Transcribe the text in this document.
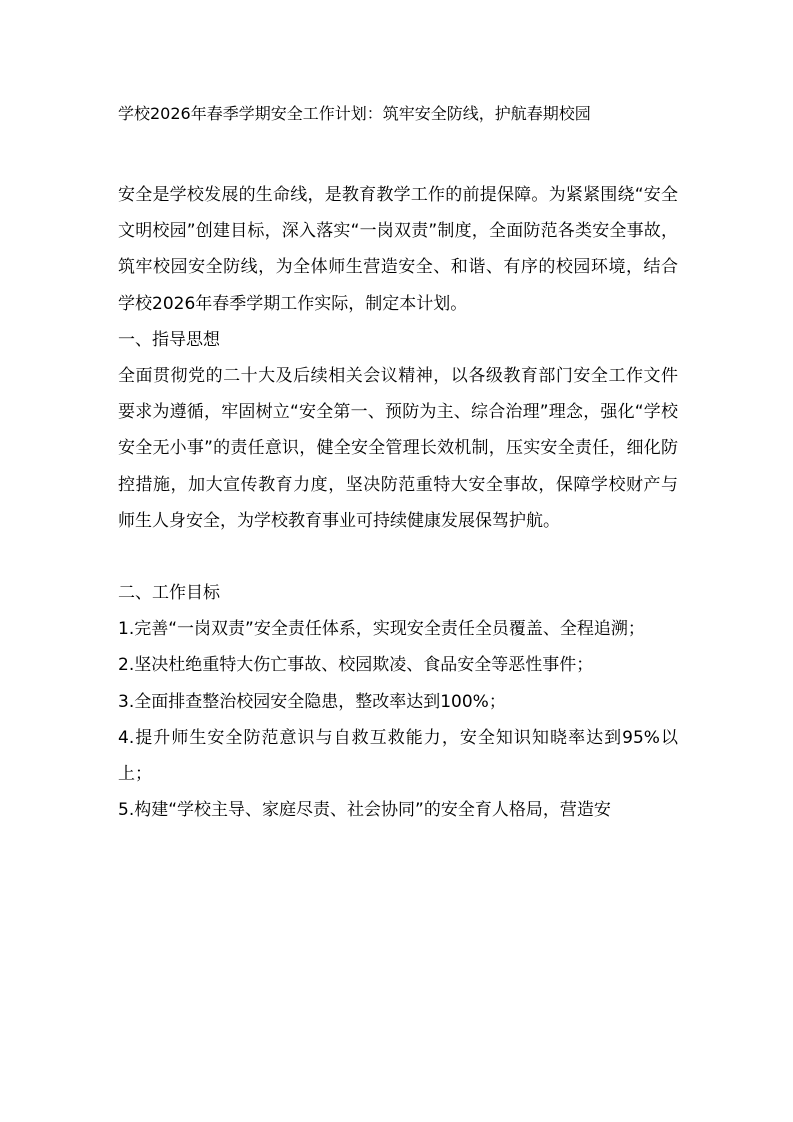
学校2026年春季学期安全工作计划：筑牢安全防线，护航春期校园

安全是学校发展的生命线，是教育教学工作的前提保障。为紧紧围绕“安全文明校园”创建目标，深入落实“一岗双责”制度，全面防范各类安全事故，筑牢校园安全防线，为全体师生营造安全、和谐、有序的校园环境，结合学校2026年春季学期工作实际，制定本计划。

一、指导思想

全面贯彻党的二十大及后续相关会议精神，以各级教育部门安全工作文件要求为遵循，牢固树立“安全第一、预防为主、综合治理”理念，强化“学校安全无小事”的责任意识，健全安全管理长效机制，压实安全责任，细化防控措施，加大宣传教育力度，坚决防范重特大安全事故，保障学校财产与师生人身安全，为学校教育事业可持续健康发展保驾护航。

二、工作目标

1.完善“一岗双责”安全责任体系，实现安全责任全员覆盖、全程追溯；

2.坚决杜绝重特大伤亡事故、校园欺凌、食品安全等恶性事件；

3.全面排查整治校园安全隐患，整改率达到100%；

4.提升师生安全防范意识与自救互救能力，安全知识知晓率达到95%以上；

5.构建“学校主导、家庭尽责、社会协同”的安全育人格局，营造安
